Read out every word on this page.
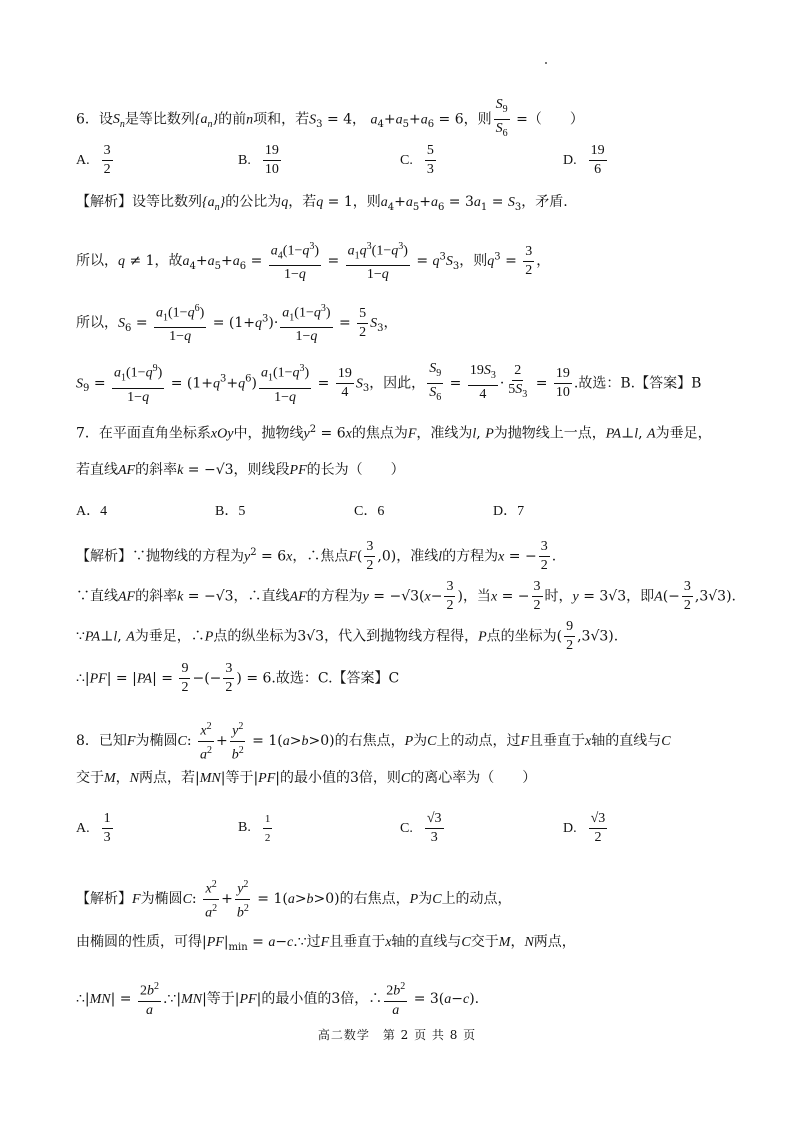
6．设$S_n$是等比数列$\{a_n\}$的前n项和，若$S_3 = 4$， $a_4+a_5+a_6 = 6$，则 $\frac{S_9}{S_6}$ =（　　）
A. $\frac{3}{2}$	B. $\frac{19}{10}$	C. $\frac{5}{3}$	D. $\frac{19}{6}$
【解析】设等比数列$\{a_n\}$的公比为q，若q = 1，则$a_4+a_5+a_6 = 3a_1 = S_3$，矛盾.
所以，q ≠ 1，故$a_4+a_5+a_6 = \frac{a_4(1-q^3)}{1-q} = \frac{a_1q^3(1-q^3)}{1-q} = q^3S_3$，则$q^3 = \frac{3}{2}$ ，
所以，$S_6 = \frac{a_1(1-q^6)}{1-q} = (1+q^3)\cdot \frac{a_1(1-q^3)}{1-q} = \frac{5}{2} S_3$，
$S_9 = \frac{a_1(1-q^9)}{1-q} = (1+q^3+q^6) \frac{a_1(1-q^3)}{1-q} = \frac{19}{4} S_3$，因此， $\frac{S_9}{S_6} = \frac{19S_3}{4} \cdot \frac{2}{5S_3} = \frac{19}{10}$ .故选：B.【答案】B
7．在平面直角坐标系xOy中，抛物线$y^2 = 6x$的焦点为F，准线为l, P为抛物线上一点，PA⊥l, A为垂足，
若直线AF的斜率k = −√3，则线段PF的长为（　　）
A．4	B．5	C．6	D．7
【解析】∵抛物线的方程为$y^2 = 6x$，∴焦点$F( \frac{3}{2} ,0)$，准线l的方程为x = − $\frac{3}{2}$ .
∵直线AF的斜率k = −√3，∴直线AF的方程为$y = -√3(x- \frac{3}{2}$ )，当x = − $\frac{3}{2}$ 时，y = 3√3，即$A(- \frac{3}{2} ,3√3)$.
∵PA⊥l, A为垂足，∴P点的纵坐标为3√3，代入到抛物线方程得，P点的坐标为( $\frac{9}{2} ,3√3$).
∴|PF| = $|PA| = \frac{9}{2}$ −(− $\frac{3}{2}$ ) = 6.故选：C.【答案】C
8．已知F为椭圆C: $\frac{x^2}{a^2} + \frac{y^2}{b^2} = 1(a>b>0)$的右焦点，P为C上的动点，过F且垂直于x轴的直线与C
交于M，N两点，若|MN|等于|PF|的最小值的3倍，则C的离心率为（　　）
A. $\frac{1}{3}$	B. $\frac{1}{2}$	C. $\frac{√3}{3}$	D. $\frac{√3}{2}$
【解析】F为椭圆C: $\frac{x^2}{a^2} + \frac{y^2}{b^2} = 1(a>b>0)$的右焦点，P为C上的动点，
由椭圆的性质，可得$|PF|_{min}$ = a−c.∵过F且垂直于x轴的直线与C交于M，N两点，
∴|MN| = $\frac{2b^2}{a}$ .∵|MN|等于|PF|的最小值的3倍，∴ $\frac{2b^2}{a} = 3(a-c)$.
高二数学　第 2 页 共 8 页
